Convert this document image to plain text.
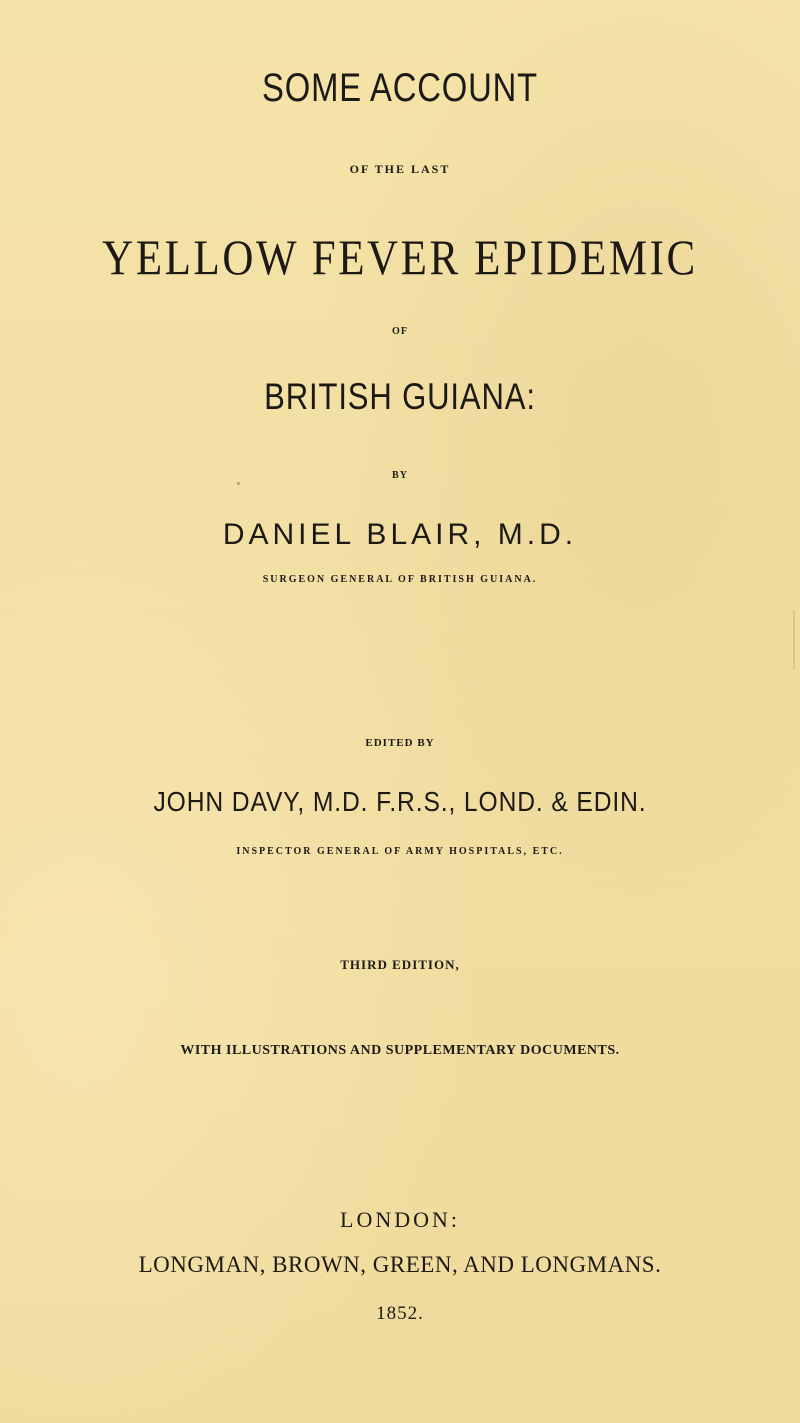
SOME ACCOUNT
OF THE LAST
YELLOW FEVER EPIDEMIC
OF
BRITISH GUIANA:
BY
DANIEL BLAIR, M.D.
SURGEON GENERAL OF BRITISH GUIANA.
EDITED BY
JOHN DAVY, M.D. F.R.S., LOND. & EDIN.
INSPECTOR GENERAL OF ARMY HOSPITALS, ETC.
THIRD EDITION,
WITH ILLUSTRATIONS AND SUPPLEMENTARY DOCUMENTS.
LONDON:
LONGMAN, BROWN, GREEN, AND LONGMANS.
1852.
